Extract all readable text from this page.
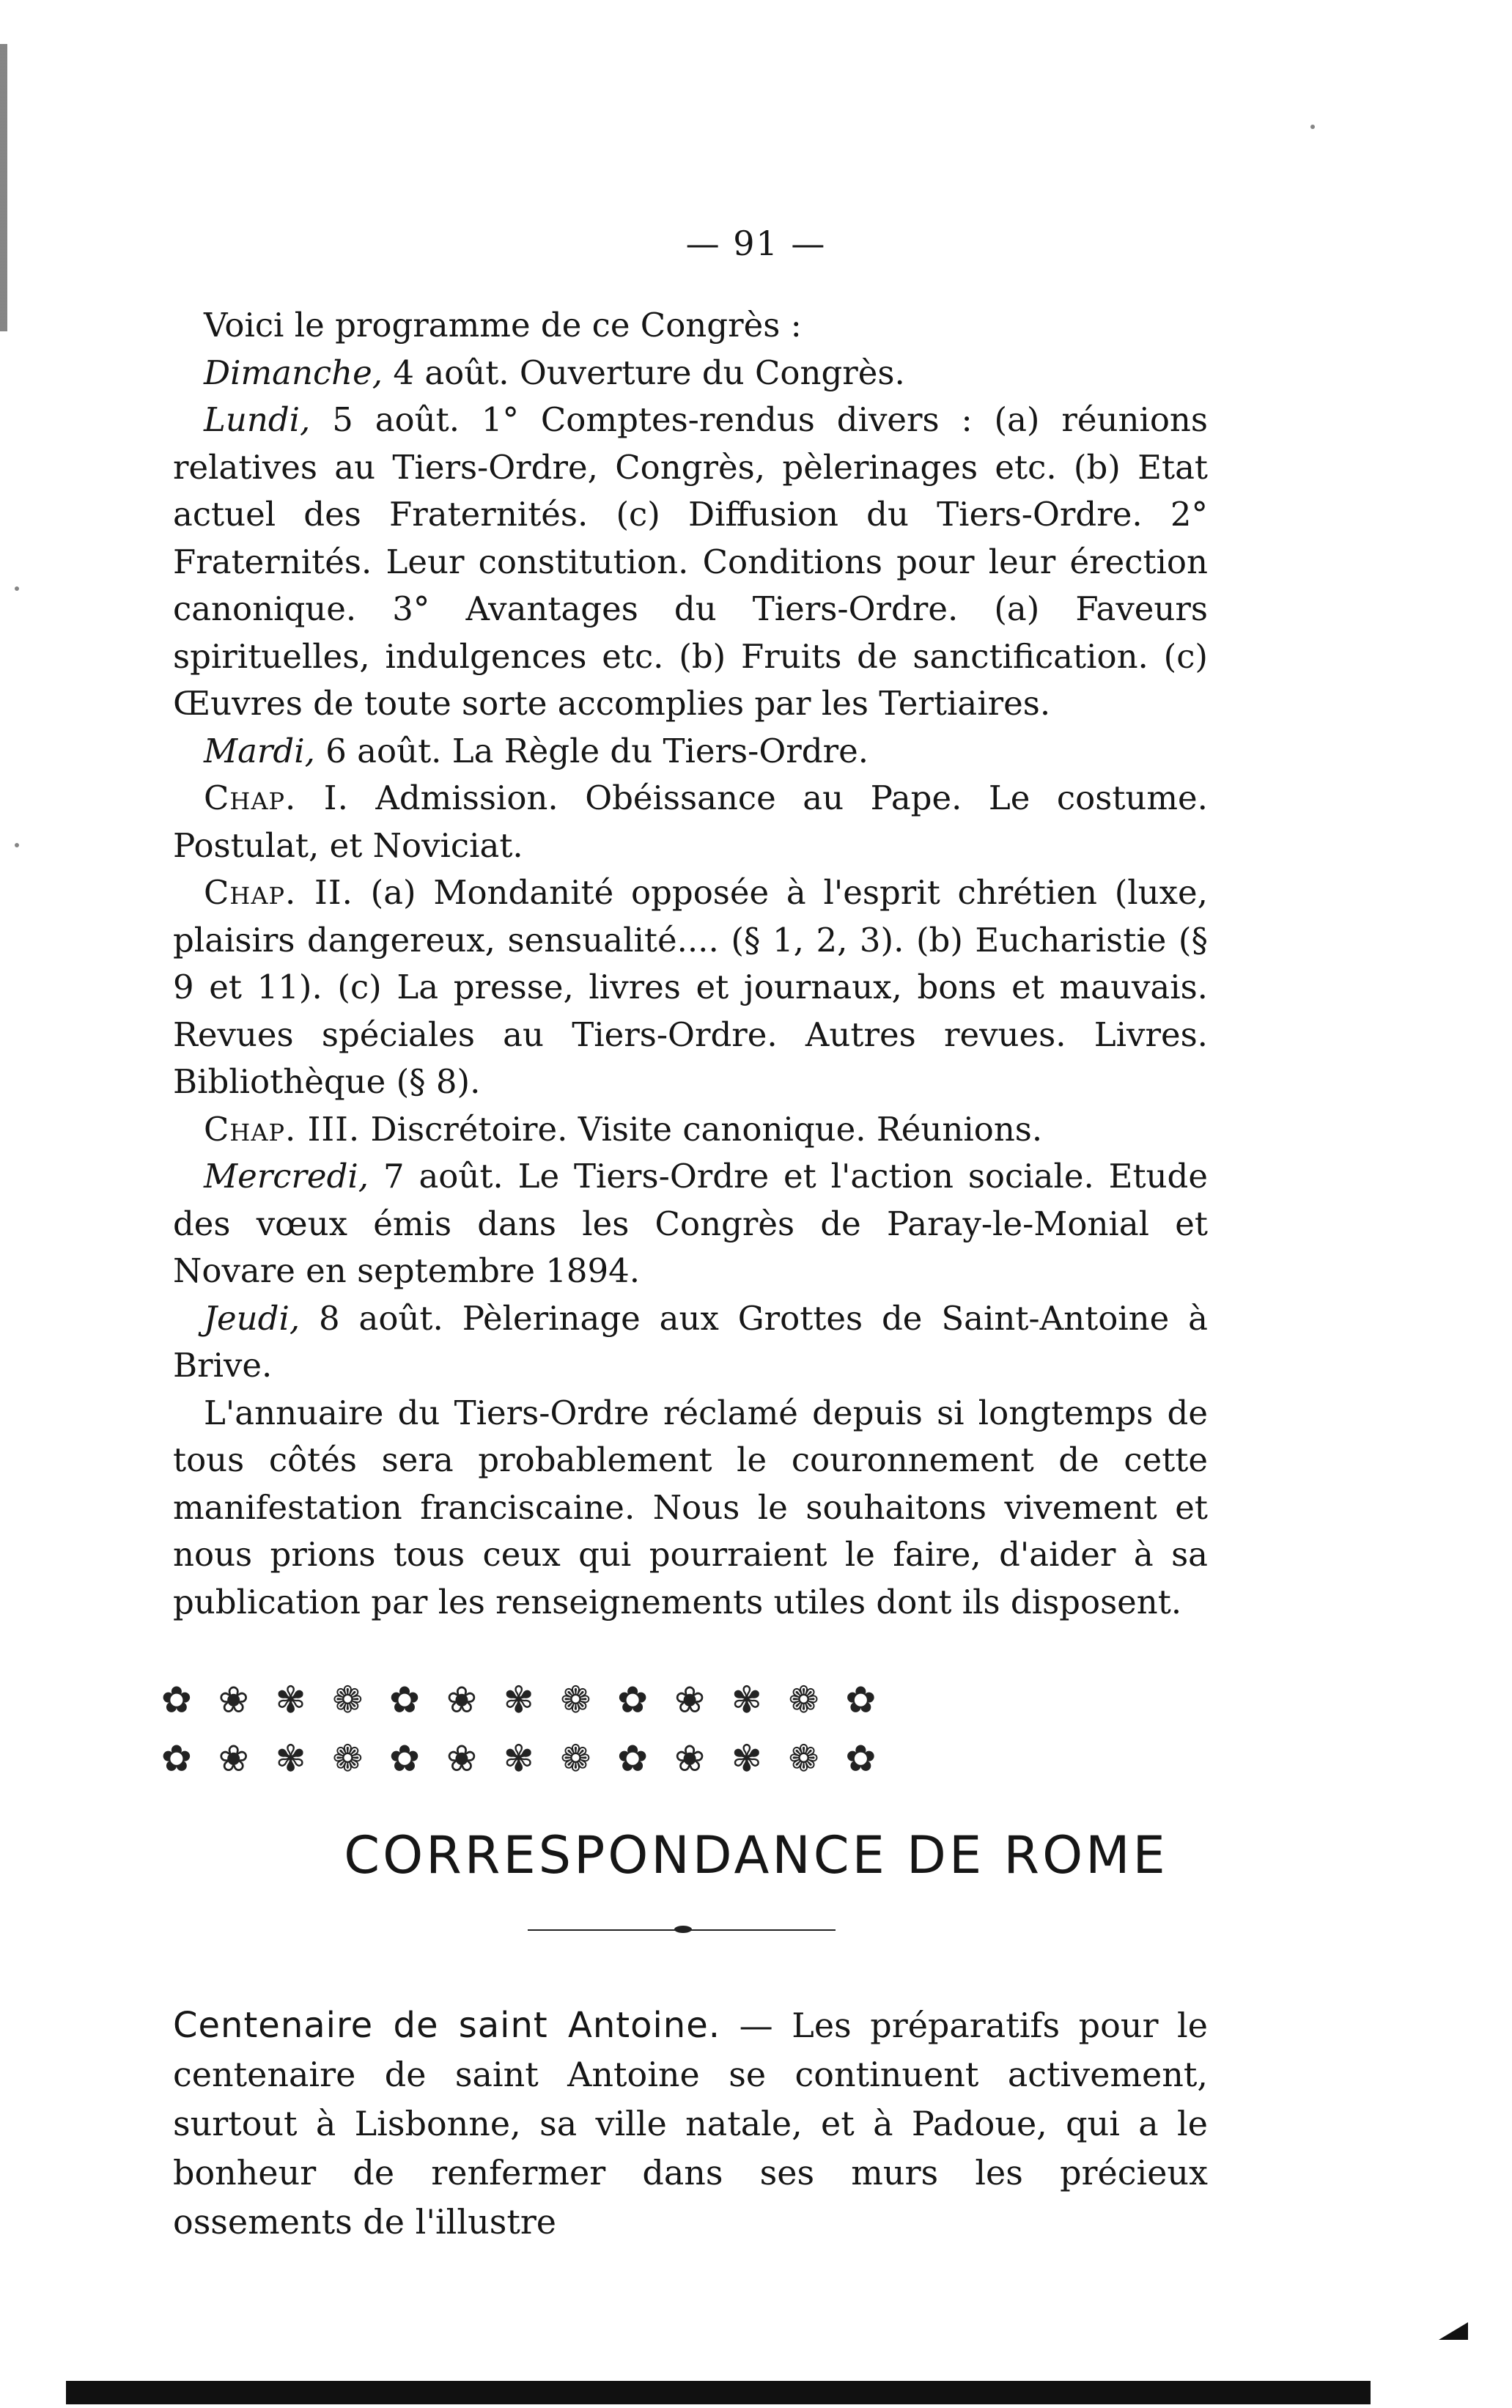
— 91 —

Voici le programme de ce Congrès :

Dimanche, 4 août. Ouverture du Congrès.

Lundi, 5 août. 1° Comptes-rendus divers : (a) réunions relatives au Tiers-Ordre, Congrès, pèlerinages etc. (b) Etat actuel des Fraternités. (c) Diffusion du Tiers-Ordre. 2° Fraternités. Leur constitution. Conditions pour leur érection canonique. 3° Avantages du Tiers-Ordre. (a) Faveurs spirituelles, indulgences etc. (b) Fruits de sanctification. (c) Œuvres de toute sorte accomplies par les Tertiaires.

Mardi, 6 août. La Règle du Tiers-Ordre.

Chap. I. Admission. Obéissance au Pape. Le costume. Postulat, et Noviciat.

Chap. II. (a) Mondanité opposée à l'esprit chrétien (luxe, plaisirs dangereux, sensualité.... (§ 1, 2, 3). (b) Eucharistie (§ 9 et 11). (c) La presse, livres et journaux, bons et mauvais. Revues spéciales au Tiers-Ordre. Autres revues. Livres. Bibliothèque (§ 8).

Chap. III. Discrétoire. Visite canonique. Réunions.

Mercredi, 7 août. Le Tiers-Ordre et l'action sociale. Etude des vœux émis dans les Congrès de Paray-le-Monial et Novare en septembre 1894.

Jeudi, 8 août. Pèlerinage aux Grottes de Saint-Antoine à Brive.

L'annuaire du Tiers-Ordre réclamé depuis si longtemps de tous côtés sera probablement le couronnement de cette manifestation franciscaine. Nous le souhaitons vivement et nous prions tous ceux qui pourraient le faire, d'aider à sa publication par les renseignements utiles dont ils disposent.

✿ ❀ ✾ ❁ ✿ ❀ ✾ ❁ ✿ ❀ ✾ ❁ ✿
✿ ❀ ✾ ❁ ✿ ❀ ✾ ❁ ✿ ❀ ✾ ❁ ✿
CORRESPONDANCE DE ROME
Centenaire de saint Antoine. — Les préparatifs pour le centenaire de saint Antoine se continuent activement, surtout à Lisbonne, sa ville natale, et à Padoue, qui a le bonheur de renfermer dans ses murs les précieux ossements de l'illustre
